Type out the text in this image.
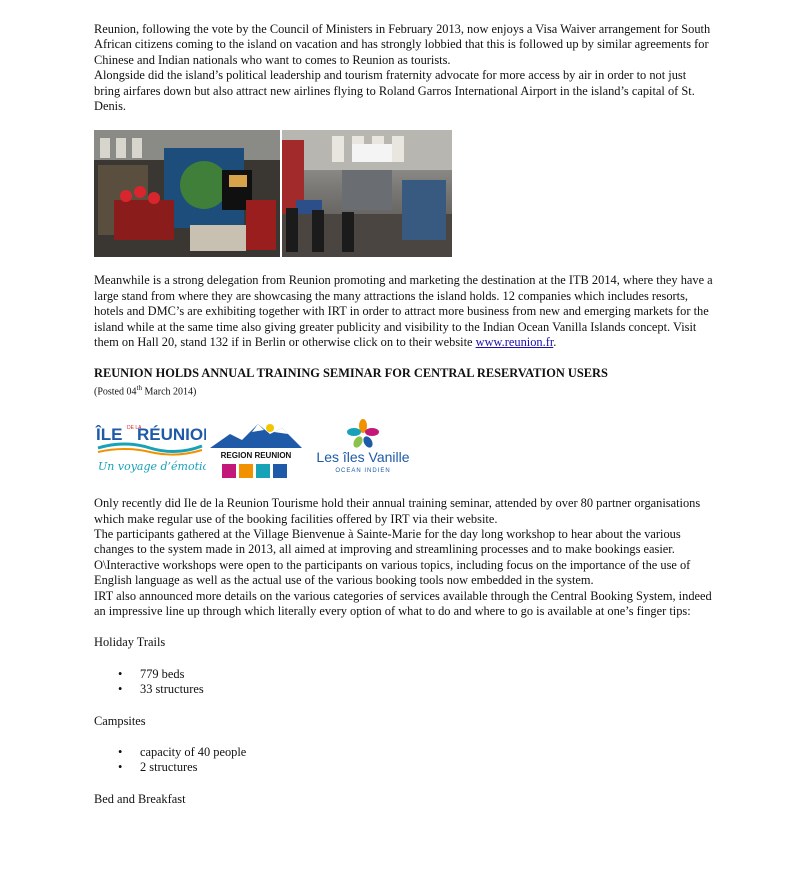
Reunion, following the vote by the Council of Ministers in February 2013, now enjoys a Visa Waiver arrangement for South African citizens coming to the island on vacation and has strongly lobbied that this is followed up by similar agreements for Chinese and Indian nationals who want to comes to Reunion as tourists.

Alongside did the island’s political leadership and tourism fraternity advocate for more access by air in order to not just bring airfares down but also attract new airlines flying to Roland Garros International Airport in the island’s capital of St. Denis.

Meanwhile is a strong delegation from Reunion promoting and marketing the destination at the ITB 2014, where they have a large stand from where they are showcasing the many attractions the island holds. 12 companies which includes resorts, hotels and DMC’s are exhibiting together with IRT in order to attract more business from new and emerging markets for the island while at the same time also giving greater publicity and visibility to the Indian Ocean Vanilla Islands concept. Visit them on Hall 20, stand 132 if in Berlin or otherwise click on to their website www.reunion.fr.

REUNION HOLDS ANNUAL TRAINING SEMINAR FOR CENTRAL RESERVATION USERS

(Posted 04th March 2014)

ÎLE DE LA
RÉUNIO
Un voyage d’émoti
REGION REUNION Les îles Vanille
OCEAN INDIEN

Only recently did Ile de la Reunion Tourisme hold their annual training seminar, attended by over 80 partner organisations which make regular use of the booking facilities offered by IRT via their website.

The participants gathered at the Village Bienvenue à Sainte-Marie for the day long workshop to hear about the various changes to the system made in 2013, all aimed at improving and streamlining processes and to make bookings easier. O\Interactive workshops were open to the participants on various topics, including focus on the importance of the use of English language as well as the actual use of the various booking tools now embedded in the system.

IRT also announced more details on the various categories of services available through the Central Booking System, indeed an impressive line up through which literally every option of what to do and where to go is available at one’s finger tips:

Holiday Trails

• 779 beds
• 33 structures

Campsites

• capacity of 40 people
• 2 structures

Bed and Breakfast
